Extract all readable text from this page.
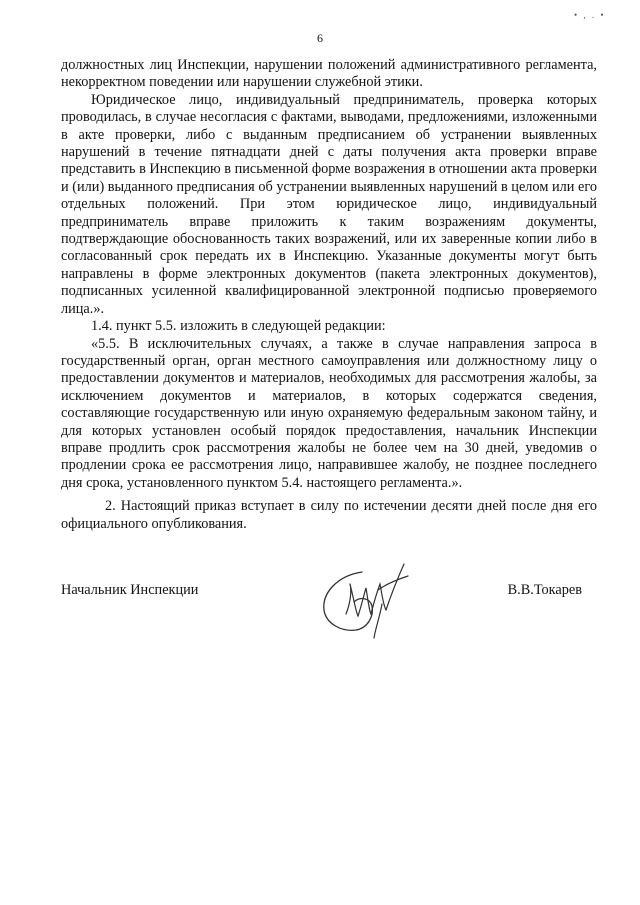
6
• , . •

должностных лиц Инспекции, нарушении положений административного регламента, некорректном поведении или нарушении служебной этики.

Юридическое лицо, индивидуальный предприниматель, проверка которых проводилась, в случае несогласия с фактами, выводами, предложениями, изложенными в акте проверки, либо с выданным предписанием об устранении выявленных нарушений в течение пятнадцати дней с даты получения акта проверки вправе представить в Инспекцию в письменной форме возражения в отношении акта проверки и (или) выданного предписания об устранении выявленных нарушений в целом или его отдельных положений. При этом юридическое лицо, индивидуальный предприниматель вправе приложить к таким возражениям документы, подтверждающие обоснованность таких возражений, или их заверенные копии либо в согласованный срок передать их в Инспекцию. Указанные документы могут быть направлены в форме электронных документов (пакета электронных документов), подписанных усиленной квалифицированной электронной подписью проверяемого лица.».

1.4. пункт 5.5. изложить в следующей редакции:

«5.5. В исключительных случаях, а также в случае направления запроса в государственный орган, орган местного самоуправления или должностному лицу о предоставлении документов и материалов, необходимых для рассмотрения жалобы, за исключением документов и материалов, в которых содержатся сведения, составляющие государственную или иную охраняемую федеральным законом тайну, и для которых установлен особый порядок предоставления, начальник Инспекции вправе продлить срок рассмотрения жалобы не более чем на 30 дней, уведомив о продлении срока ее рассмотрения лицо, направившее жалобу, не позднее последнего дня срока, установленного пунктом 5.4. настоящего регламента.».

2. Настоящий приказ вступает в силу по истечении десяти дней после дня его официального опубликования.

Начальник Инспекции	В.В.Токарев
